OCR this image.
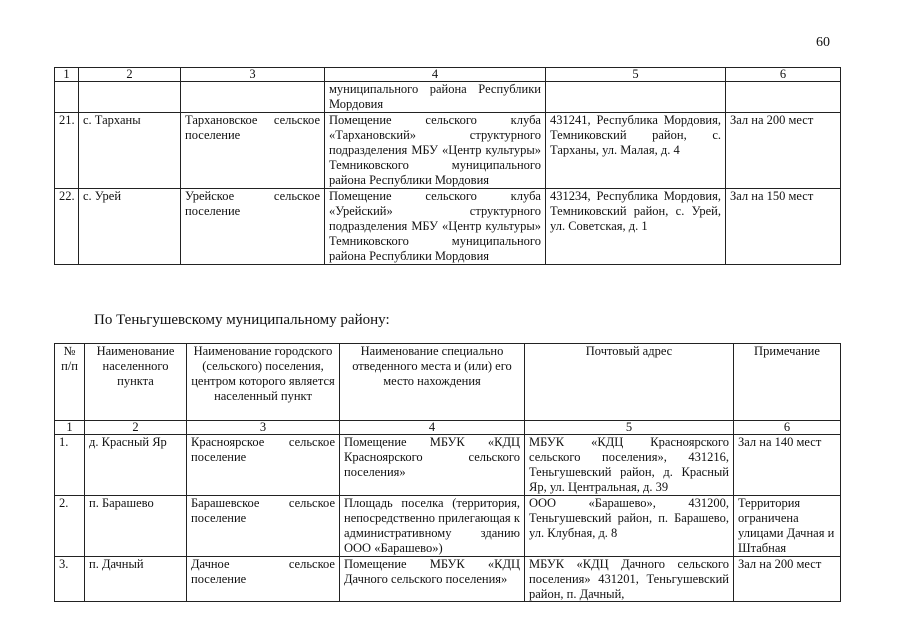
60
1	2	3	4	5	6
			муниципального района Республики Мордовия		
21.	с. Тарханы	Тархановское сельское поселение	Помещение сельского клуба «Тархановский» структурного подразделения МБУ «Центр культуры» Темниковского муниципального района Республики Мордовия	431241, Республика Мордовия, Темниковский район, с. Тарханы, ул. Малая, д. 4	Зал на 200 мест
22.	с. Урей	Урейское сельское поселение	Помещение сельского клуба «Урейский» структурного подразделения МБУ «Центр культуры» Темниковского муниципального района Республики Мордовия	431234, Республика Мордовия, Темниковский район, с. Урей, ул. Советская, д. 1	Зал на 150 мест
По Теньгушевскому муниципальному району:
№ п/п	Наименование населенного пункта	Наименование городского (сельского) поселения, центром которого является населенный пункт	Наименование специально отведенного места и (или) его место нахождения	Почтовый адрес	Примечание
1	2	3	4	5	6
1.	д. Красный Яр	Красноярское сельское поселение	Помещение МБУК «КДЦ Красноярского сельского поселения»	МБУК «КДЦ Красноярского сельского поселения», 431216, Теньгушевский район, д. Красный Яр, ул. Центральная, д. 39	Зал на 140 мест
2.	п. Барашево	Барашевское сельское поселение	Площадь поселка (территория, непосредственно прилегающая к административному зданию ООО «Барашево»)	ООО «Барашево», 431200, Теньгушевский район, п. Барашево, ул. Клубная, д. 8	Территория ограничена улицами Дачная и Штабная
3.	п. Дачный	Дачное сельское поселение	Помещение МБУК «КДЦ Дачного сельского поселения»	МБУК «КДЦ Дачного сельского поселения» 431201, Теньгушевский район, п. Дачный,	Зал на 200 мест
